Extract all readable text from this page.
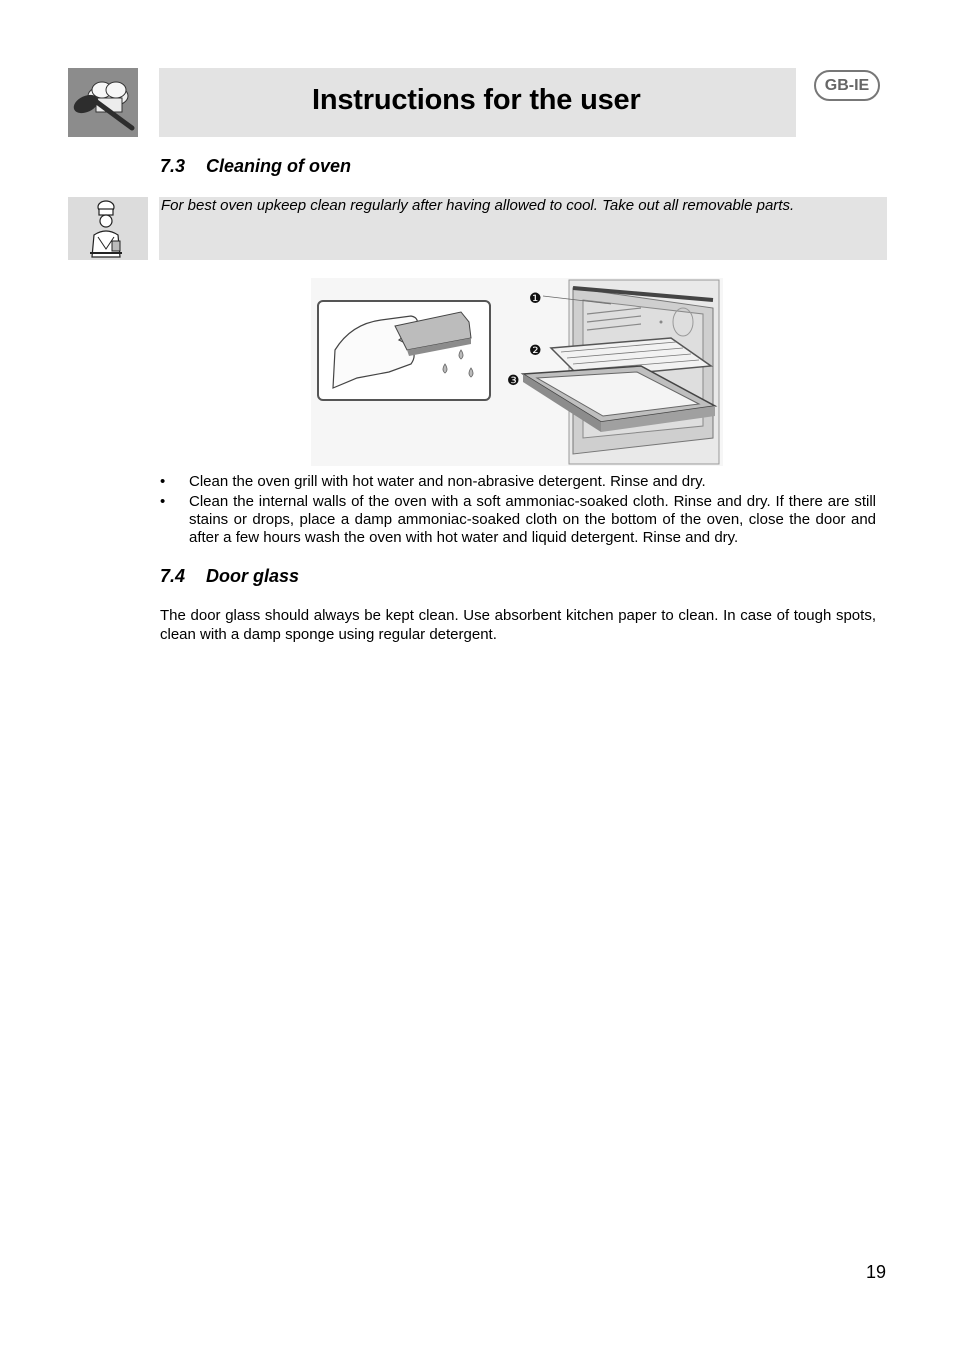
Instructions for the user	GB-IE
7.3 Cleaning of oven
For best oven upkeep clean regularly after having allowed to cool. Take out all removable parts.
❶
❷
❸
• Clean the oven grill with hot water and non-abrasive detergent. Rinse and dry.
• Clean the internal walls of the oven with a soft ammoniac-soaked cloth. Rinse and dry. If there are still stains or drops, place a damp ammoniac-soaked cloth on the bottom of the oven, close the door and after a few hours wash the oven with hot water and liquid detergent. Rinse and dry.
7.4 Door glass
The door glass should always be kept clean. Use absorbent kitchen paper to clean. In case of tough spots, clean with a damp sponge using regular detergent.
19
